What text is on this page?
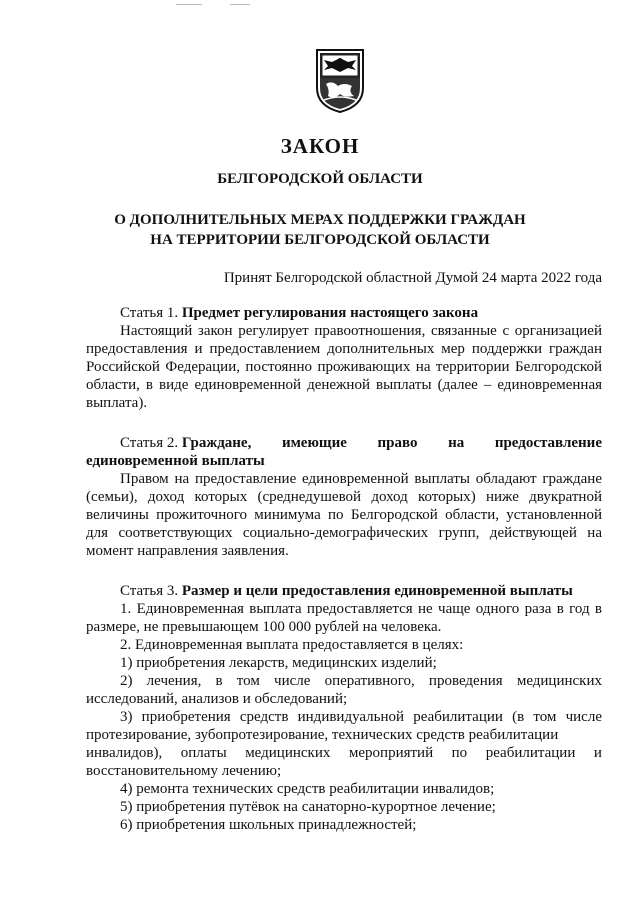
ЗАКОН
БЕЛГОРОДСКОЙ ОБЛАСТИ
О ДОПОЛНИТЕЛЬНЫХ МЕРАХ ПОДДЕРЖКИ ГРАЖДАН
НА ТЕРРИТОРИИ БЕЛГОРОДСКОЙ ОБЛАСТИ
Принят Белгородской областной Думой 24 марта 2022 года

Статья 1. Предмет регулирования настоящего закона

Настоящий закон регулирует правоотношения, связанные с организацией предоставления и предоставлением дополнительных мер поддержки граждан Российской Федерации, постоянно проживающих на территории Белгородской области, в виде единовременной денежной выплаты (далее – единовременная выплата).

Статья 2. Граждане, имеющие право на предоставление

единовременной выплаты

Правом на предоставление единовременной выплаты обладают граждане (семьи), доход которых (среднедушевой доход которых) ниже двукратной величины прожиточного минимума по Белгородской области, установленной для соответствующих социально-демографических групп, действующей на момент направления заявления.

Статья 3. Размер и цели предоставления единовременной выплаты

1. Единовременная выплата предоставляется не чаще одного раза в год в размере, не превышающем 100 000 рублей на человека.

2. Единовременная выплата предоставляется в целях:

1) приобретения лекарств, медицинских изделий;

2) лечения, в том числе оперативного, проведения медицинских исследований, анализов и обследований;

3) приобретения средств индивидуальной реабилитации (в том числе протезирование, зубопротезирование, технических средств реабилитации

инвалидов), оплаты медицинских мероприятий по реабилитации и

восстановительному лечению;

4) ремонта технических средств реабилитации инвалидов;

5) приобретения путёвок на санаторно-курортное лечение;

6) приобретения школьных принадлежностей;
